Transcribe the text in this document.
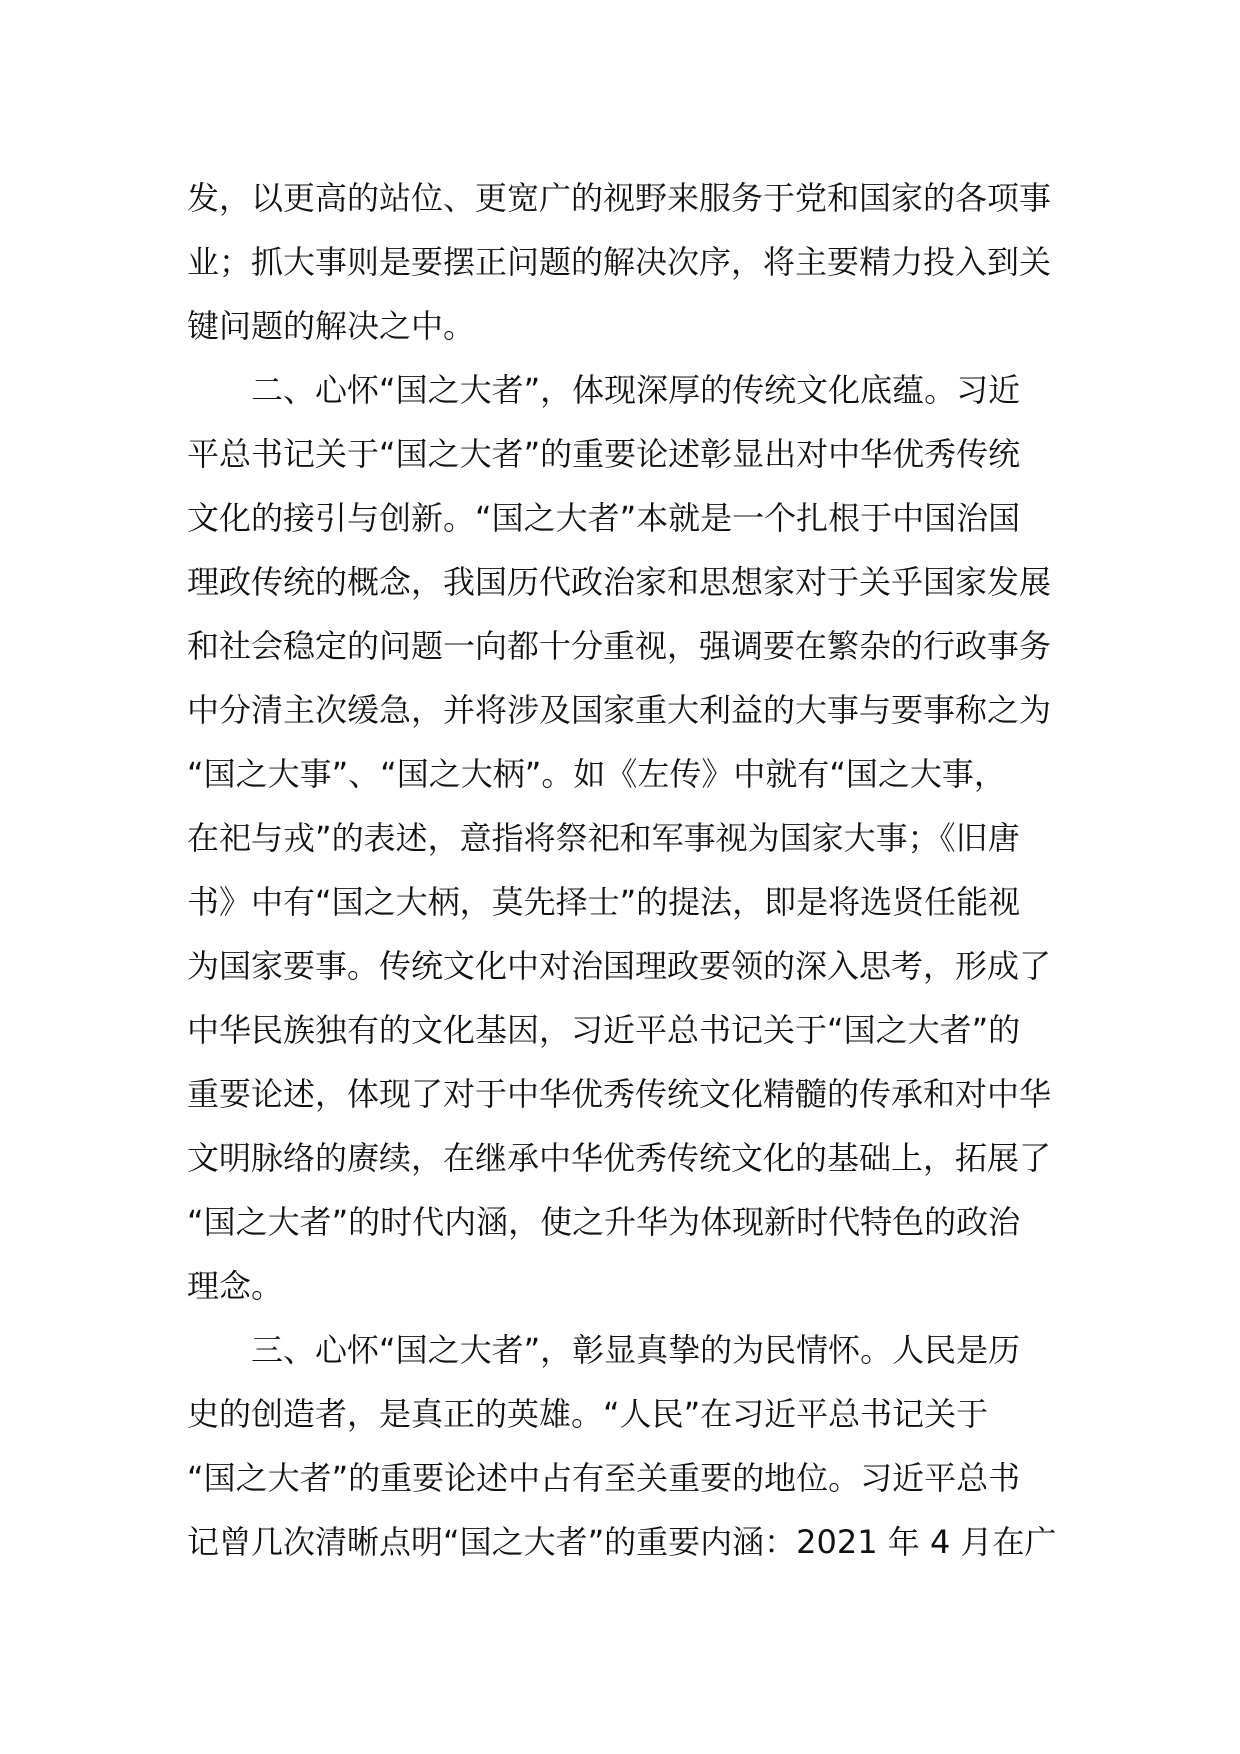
发，以更高的站位、更宽广的视野来服务于党和国家的各项事
业；抓大事则是要摆正问题的解决次序，将主要精力投入到关
键问题的解决之中。
二、心怀“国之大者”，体现深厚的传统文化底蕴。习近
平总书记关于“国之大者”的重要论述彰显出对中华优秀传统
文化的接引与创新。“国之大者”本就是一个扎根于中国治国
理政传统的概念，我国历代政治家和思想家对于关乎国家发展
和社会稳定的问题一向都十分重视，强调要在繁杂的行政事务
中分清主次缓急，并将涉及国家重大利益的大事与要事称之为
“国之大事”、“国之大柄”。如《左传》中就有“国之大事，
在祀与戎”的表述，意指将祭祀和军事视为国家大事；《旧唐
书》中有“国之大柄，莫先择士”的提法，即是将选贤任能视
为国家要事。传统文化中对治国理政要领的深入思考，形成了
中华民族独有的文化基因，习近平总书记关于“国之大者”的
重要论述，体现了对于中华优秀传统文化精髓的传承和对中华
文明脉络的赓续，在继承中华优秀传统文化的基础上，拓展了
“国之大者”的时代内涵，使之升华为体现新时代特色的政治
理念。
三、心怀“国之大者”，彰显真挚的为民情怀。人民是历
史的创造者，是真正的英雄。“人民”在习近平总书记关于
“国之大者”的重要论述中占有至关重要的地位。习近平总书
记曾几次清晰点明“国之大者”的重要内涵：2021 年 4 月在广
